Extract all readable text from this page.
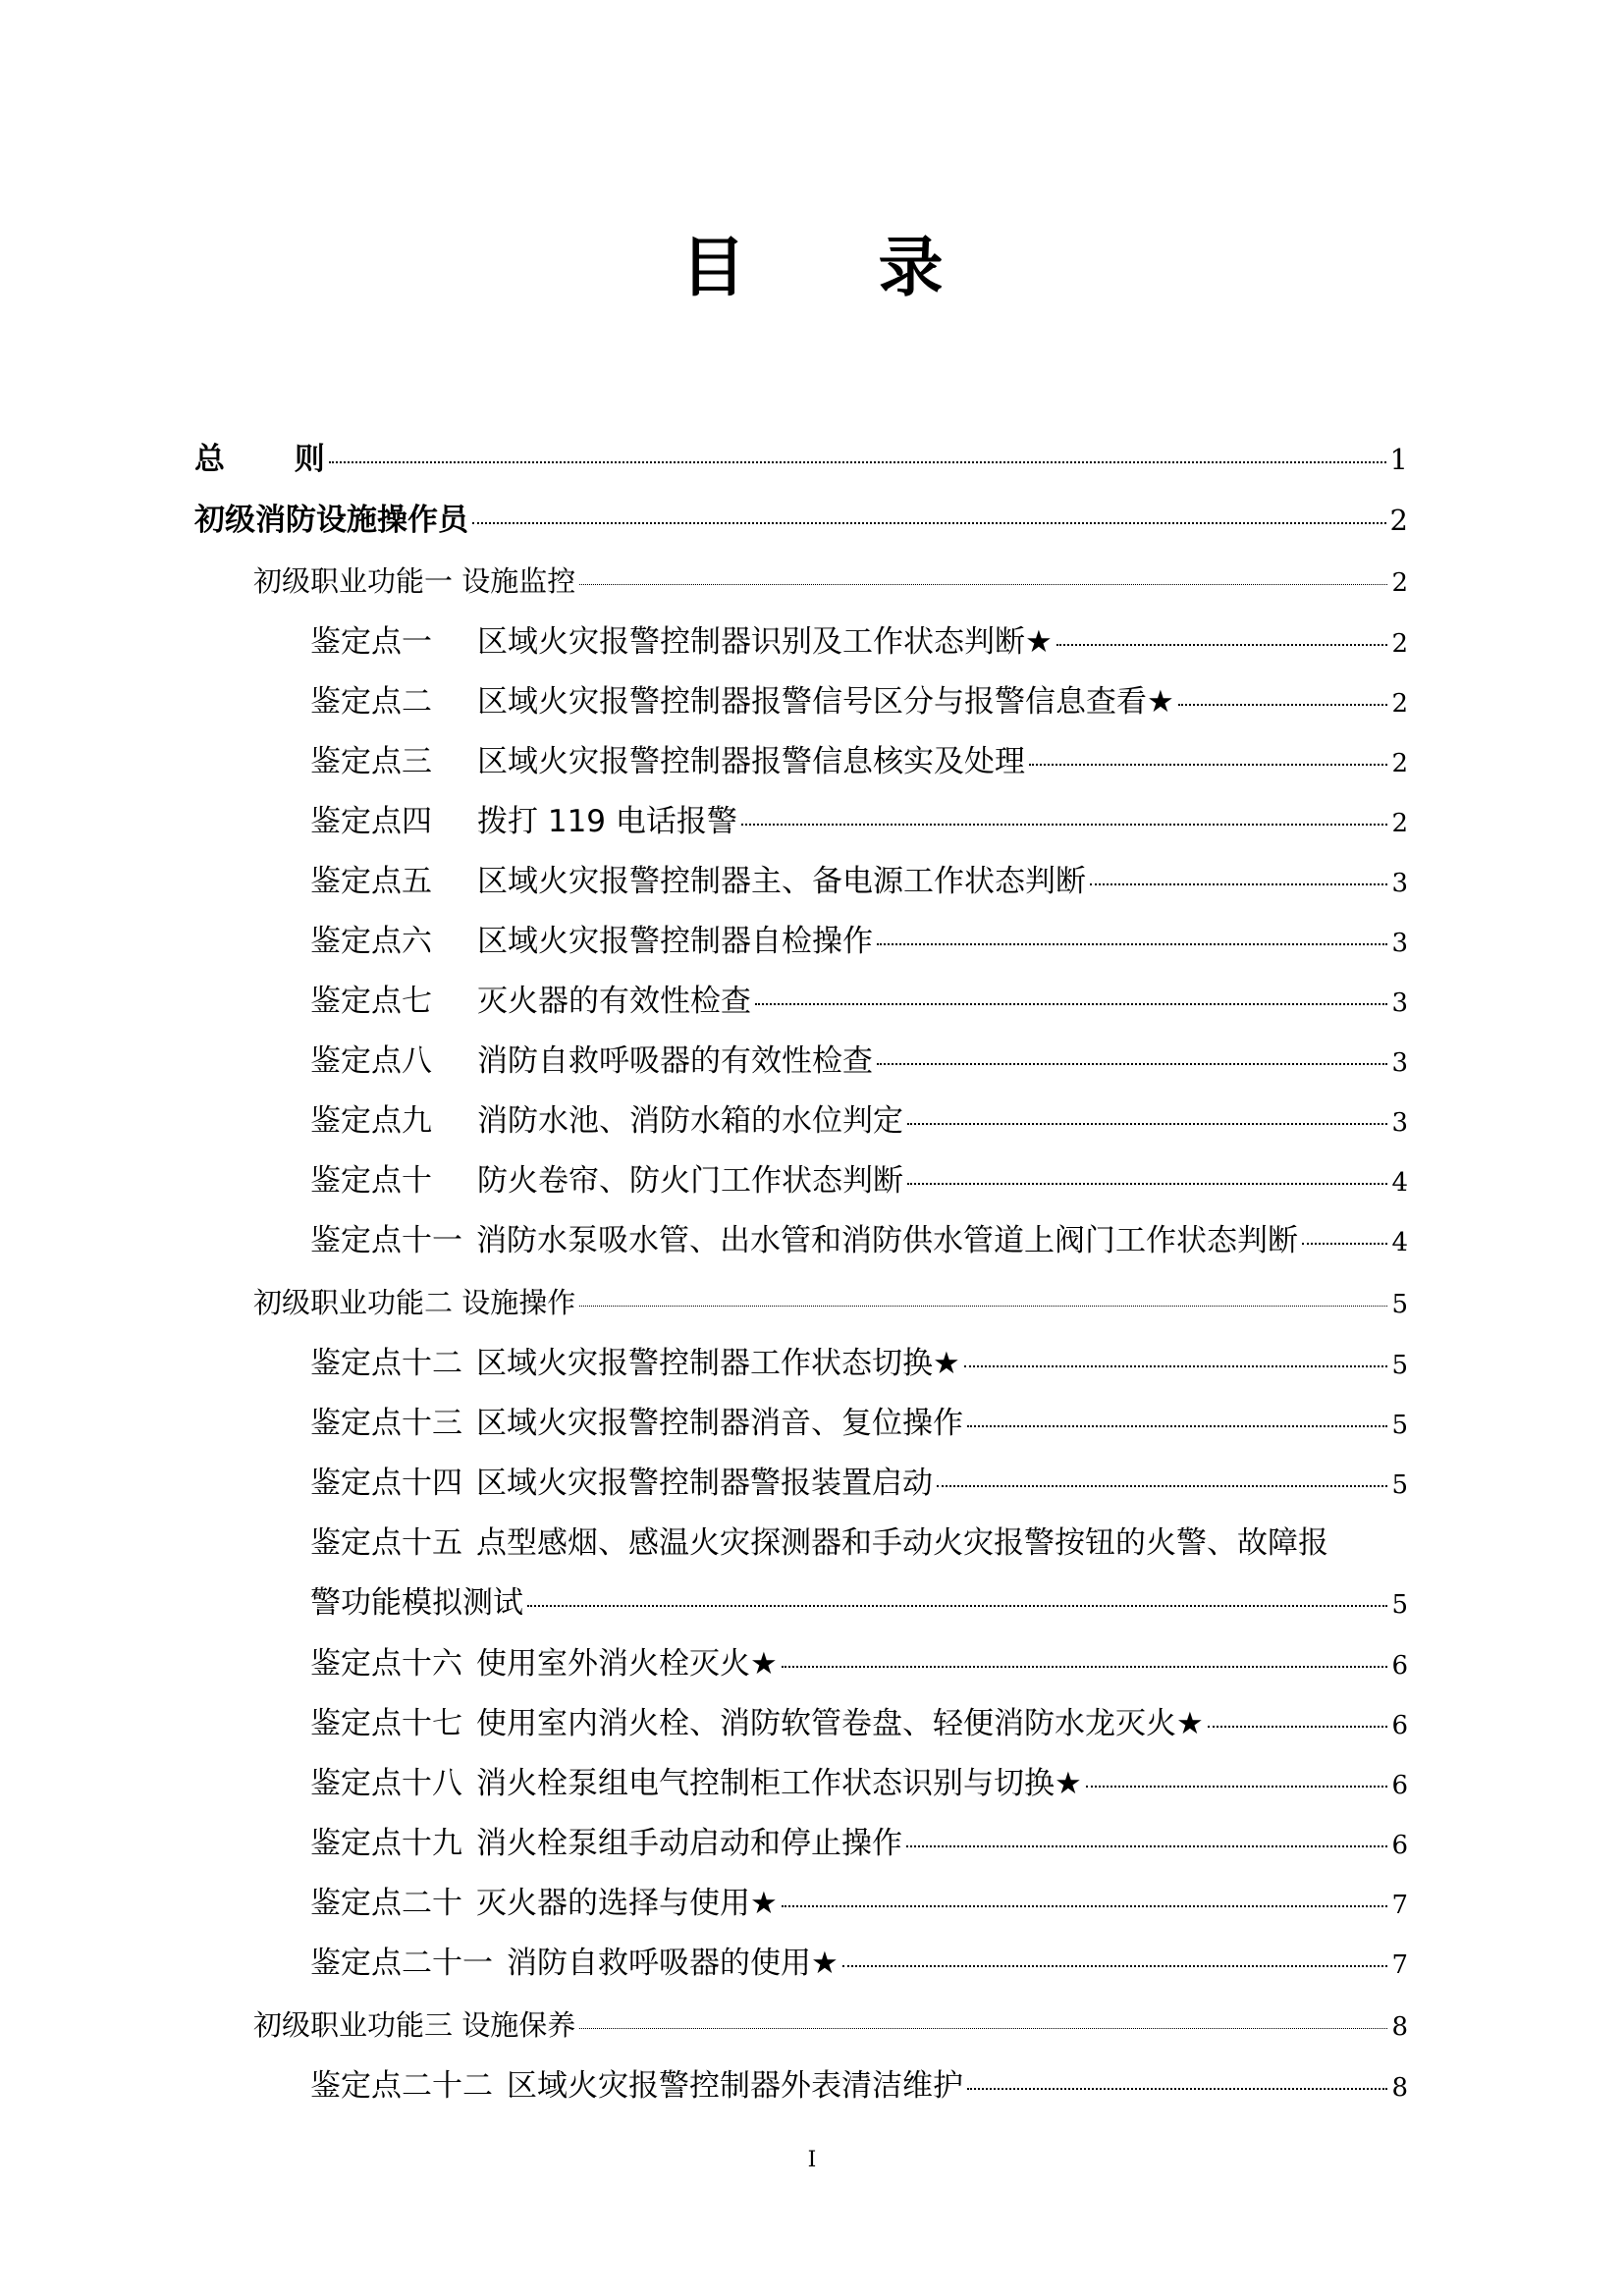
目 录
总 则	1
初级消防设施操作员	2
初级职业功能一 设施监控	2
鉴定点一 区域火灾报警控制器识别及工作状态判断★	2
鉴定点二 区域火灾报警控制器报警信号区分与报警信息查看★	2
鉴定点三 区域火灾报警控制器报警信息核实及处理	2
鉴定点四 拨打 119 电话报警	2
鉴定点五 区域火灾报警控制器主、备电源工作状态判断	3
鉴定点六 区域火灾报警控制器自检操作	3
鉴定点七 灭火器的有效性检查	3
鉴定点八 消防自救呼吸器的有效性检查	3
鉴定点九 消防水池、消防水箱的水位判定	3
鉴定点十 防火卷帘、防火门工作状态判断	4
鉴定点十一 消防水泵吸水管、出水管和消防供水管道上阀门工作状态判断	4
初级职业功能二 设施操作	5
鉴定点十二 区域火灾报警控制器工作状态切换★	5
鉴定点十三 区域火灾报警控制器消音、复位操作	5
鉴定点十四 区域火灾报警控制器警报装置启动	5
鉴定点十五 点型感烟、感温火灾探测器和手动火灾报警按钮的火警、故障报
警功能模拟测试	5
鉴定点十六 使用室外消火栓灭火★	6
鉴定点十七 使用室内消火栓、消防软管卷盘、轻便消防水龙灭火★	6
鉴定点十八 消火栓泵组电气控制柜工作状态识别与切换★	6
鉴定点十九 消火栓泵组手动启动和停止操作	6
鉴定点二十 灭火器的选择与使用★	7
鉴定点二十一 消防自救呼吸器的使用★	7
初级职业功能三 设施保养	8
鉴定点二十二 区域火灾报警控制器外表清洁维护	8
I
